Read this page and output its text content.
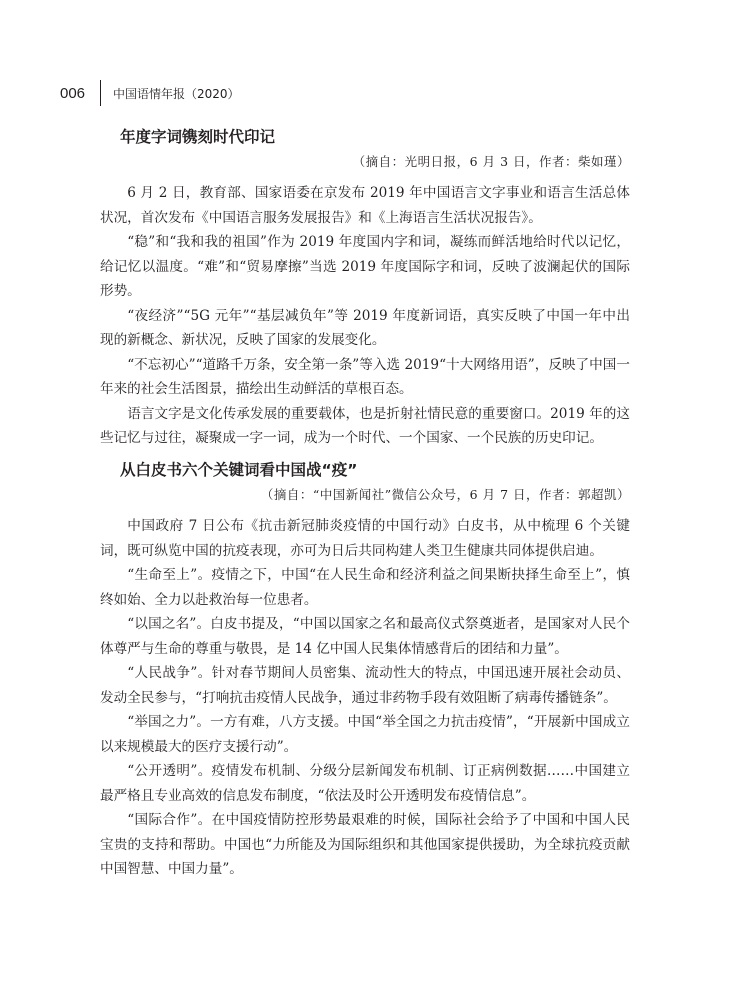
006	中国语情年报（2020）
年度字词镌刻时代印记
（摘自：光明日报，6 月 3 日，作者：柴如瑾）

6 月 2 日，教育部、国家语委在京发布 2019 年中国语言文字事业和语言生活总体状况，首次发布《中国语言服务发展报告》和《上海语言生活状况报告》。

“稳”和“我和我的祖国”作为 2019 年度国内字和词，凝练而鲜活地给时代以记忆，给记忆以温度。“难”和“贸易摩擦”当选 2019 年度国际字和词，反映了波澜起伏的国际形势。

“夜经济”“5G 元年”“基层减负年”等 2019 年度新词语，真实反映了中国一年中出现的新概念、新状况，反映了国家的发展变化。

“不忘初心”“道路千万条，安全第一条”等入选 2019“十大网络用语”，反映了中国一年来的社会生活图景，描绘出生动鲜活的草根百态。

语言文字是文化传承发展的重要载体，也是折射社情民意的重要窗口。2019 年的这些记忆与过往，凝聚成一字一词，成为一个时代、一个国家、一个民族的历史印记。

从白皮书六个关键词看中国战“疫”
（摘自：“中国新闻社”微信公众号，6 月 7 日，作者：郭超凯）

中国政府 7 日公布《抗击新冠肺炎疫情的中国行动》白皮书，从中梳理 6 个关键词，既可纵览中国的抗疫表现，亦可为日后共同构建人类卫生健康共同体提供启迪。

“生命至上”。疫情之下，中国“在人民生命和经济利益之间果断抉择生命至上”，慎终如始、全力以赴救治每一位患者。

“以国之名”。白皮书提及，“中国以国家之名和最高仪式祭奠逝者，是国家对人民个体尊严与生命的尊重与敬畏，是 14 亿中国人民集体情感背后的团结和力量”。

“人民战争”。针对春节期间人员密集、流动性大的特点，中国迅速开展社会动员、发动全民参与，“打响抗击疫情人民战争，通过非药物手段有效阻断了病毒传播链条”。

“举国之力”。一方有难，八方支援。中国“举全国之力抗击疫情”，“开展新中国成立以来规模最大的医疗支援行动”。

“公开透明”。疫情发布机制、分级分层新闻发布机制、订正病例数据……中国建立最严格且专业高效的信息发布制度，“依法及时公开透明发布疫情信息”。

“国际合作”。在中国疫情防控形势最艰难的时候，国际社会给予了中国和中国人民宝贵的支持和帮助。中国也“力所能及为国际组织和其他国家提供援助，为全球抗疫贡献中国智慧、中国力量”。
